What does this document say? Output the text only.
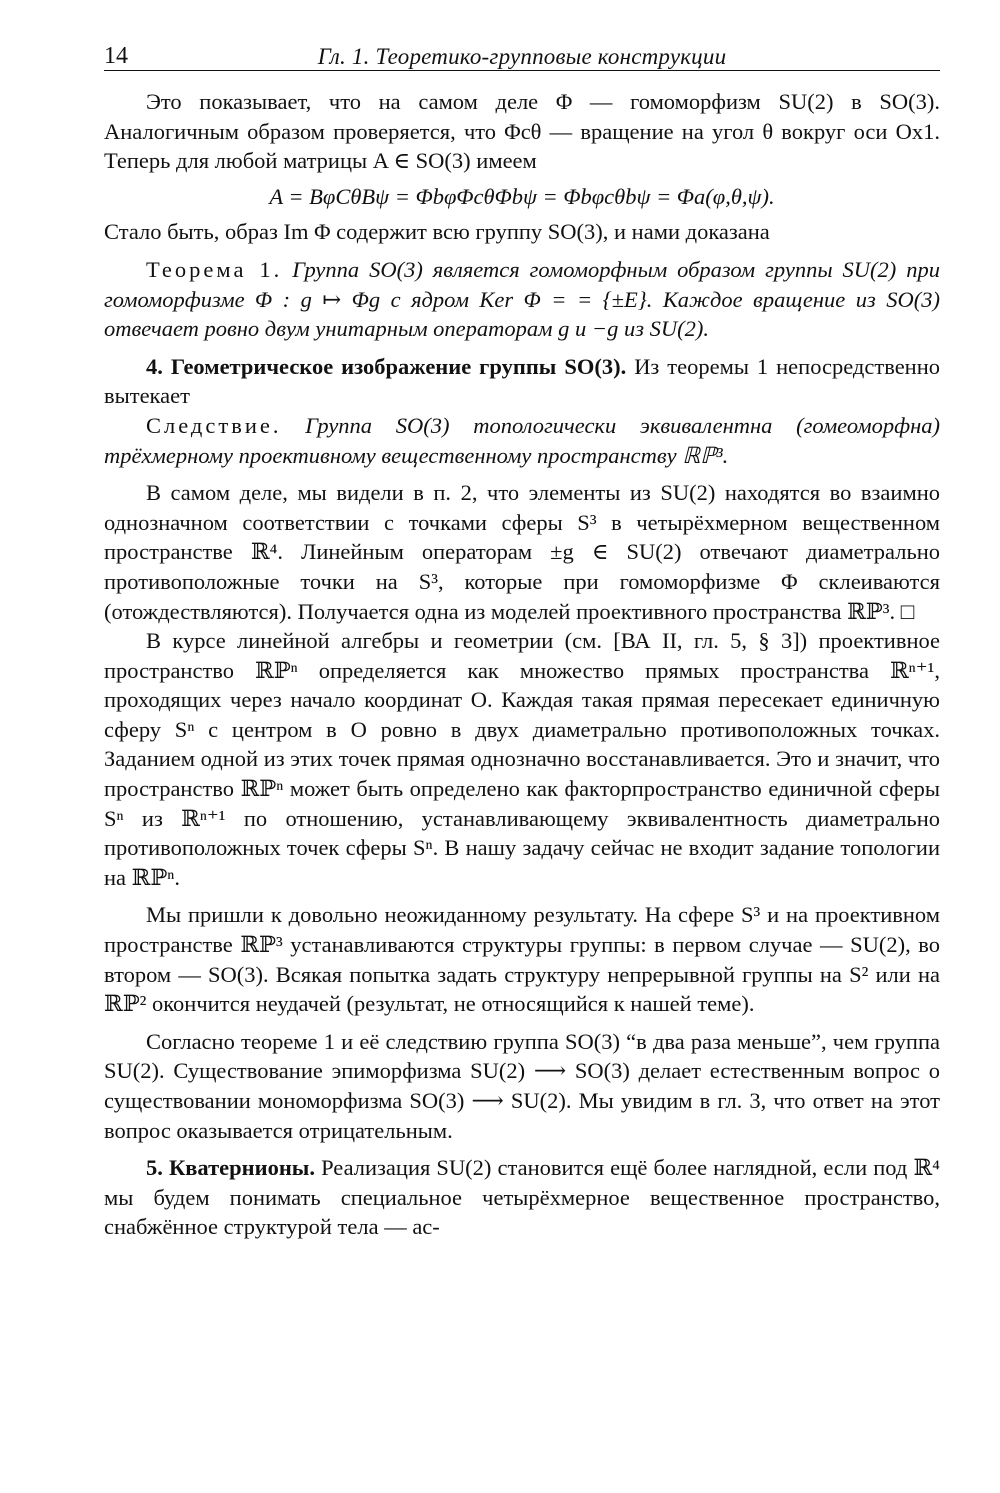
14	Гл. 1. Теоретико-групповые конструкции

Это показывает, что на самом деле Φ — гомоморфизм SU(2) в SO(3). Аналогичным образом проверяется, что Φcθ — вращение на угол θ вокруг оси Ox1. Теперь для любой матрицы A ∈ SO(3) имеем

A = BφCθBψ = ΦbφΦcθΦbψ = Φbφcθbψ = Φa(φ,θ,ψ).

Стало быть, образ Im Φ содержит всю группу SO(3), и нами доказана

Теорема 1. Группа SO(3) является гомоморфным образом группы SU(2) при гомоморфизме Φ : g ↦ Φg с ядром Ker Φ = = {±E}. Каждое вращение из SO(3) отвечает ровно двум унитарным операторам g и −g из SU(2).

4. Геометрическое изображение группы SO(3). Из теоремы 1 непосредственно вытекает

Следствие. Группа SO(3) топологически эквивалентна (гомеоморфна) трёхмерному проективному вещественному пространству ℝℙ³.

В самом деле, мы видели в п. 2, что элементы из SU(2) находятся во взаимно однозначном соответствии с точками сферы S³ в четырёхмерном вещественном пространстве ℝ⁴. Линейным операторам ±g ∈ SU(2) отвечают диаметрально противоположные точки на S³, которые при гомоморфизме Φ склеиваются (отождествляются). Получается одна из моделей проективного пространства ℝℙ³. □

В курсе линейной алгебры и геометрии (см. [ВА II, гл. 5, § 3]) проективное пространство ℝℙⁿ определяется как множество прямых пространства ℝⁿ⁺¹, проходящих через начало координат O. Каждая такая прямая пересекает единичную сферу Sⁿ с центром в O ровно в двух диаметрально противоположных точках. Заданием одной из этих точек прямая однозначно восстанавливается. Это и значит, что пространство ℝℙⁿ может быть определено как факторпространство единичной сферы Sⁿ из ℝⁿ⁺¹ по отношению, устанавливающему эквивалентность диаметрально противоположных точек сферы Sⁿ. В нашу задачу сейчас не входит задание топологии на ℝℙⁿ.

Мы пришли к довольно неожиданному результату. На сфере S³ и на проективном пространстве ℝℙ³ устанавливаются структуры группы: в первом случае — SU(2), во втором — SO(3). Всякая попытка задать структуру непрерывной группы на S² или на ℝℙ² окончится неудачей (результат, не относящийся к нашей теме).

Согласно теореме 1 и её следствию группа SO(3) “в два раза меньше”, чем группа SU(2). Существование эпиморфизма SU(2) ⟶ SO(3) делает естественным вопрос о существовании мономорфизма SO(3) ⟶ SU(2). Мы увидим в гл. 3, что ответ на этот вопрос оказывается отрицательным.

5. Кватернионы. Реализация SU(2) становится ещё более наглядной, если под ℝ⁴ мы будем понимать специальное четырёхмерное вещественное пространство, снабжённое структурой тела — ас-
